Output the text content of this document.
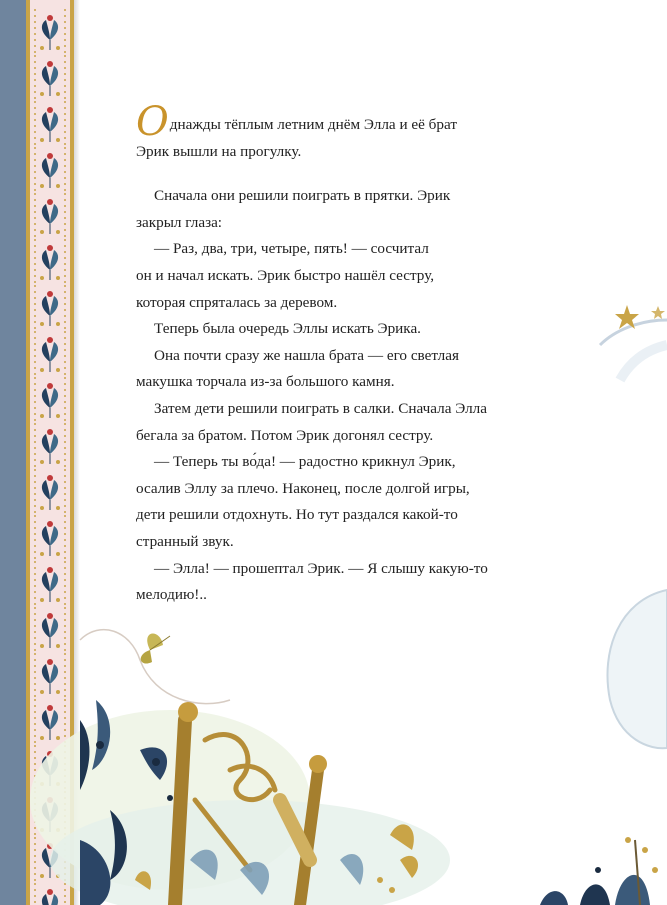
Однажды тёплым летним днём Элла и её брат

Эрик вышли на прогулку.

Сначала они решили поиграть в прятки. Эрик

закрыл глаза:

— Раз, два, три, четыре, пять! — сосчитал

он и начал искать. Эрик быстро нашёл сестру,

которая спряталась за деревом.

Теперь была очередь Эллы искать Эрика.

Она почти сразу же нашла брата — его светлая

макушка торчала из-за большого камня.

Затем дети решили поиграть в салки. Сначала Элла

бегала за братом. Потом Эрик догонял сестру.

— Теперь ты во́да! — радостно крикнул Эрик,

осалив Эллу за плечо. Наконец, после долгой игры,

дети решили отдохнуть. Но тут раздался какой-то

странный звук.

— Элла! — прошептал Эрик. — Я слышу какую-то

мелодию!..
